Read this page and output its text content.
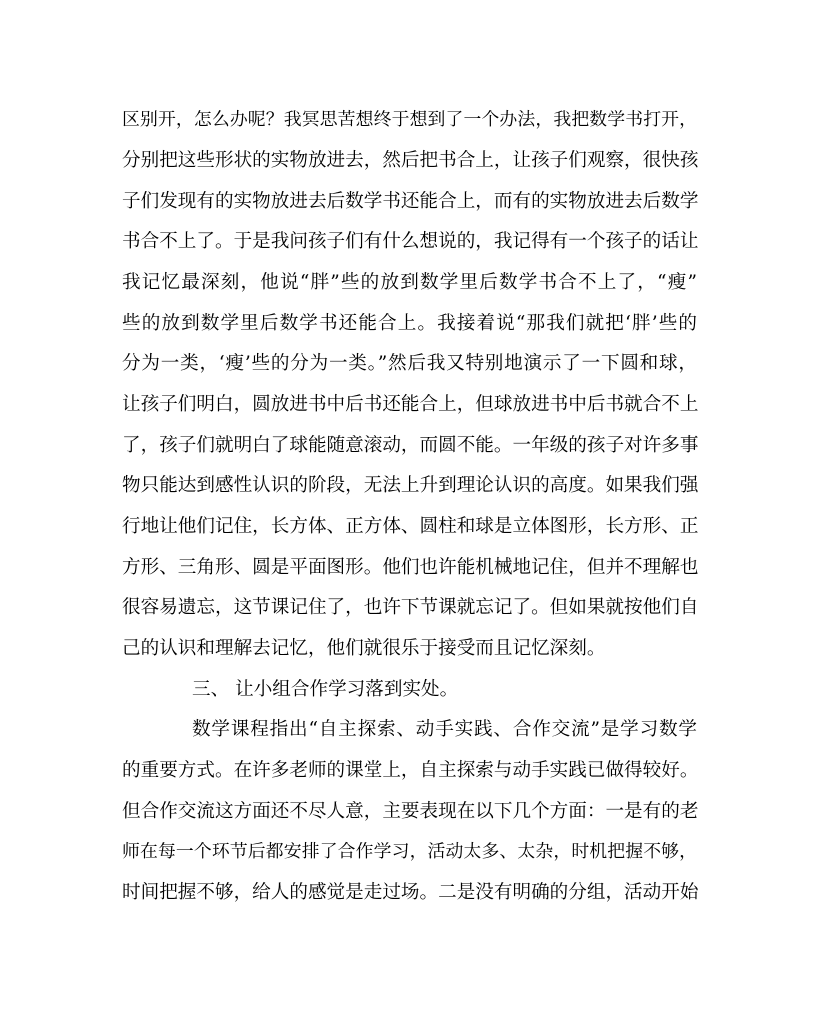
区别开，怎么办呢？我冥思苦想终于想到了一个办法，我把数学书打开，
分别把这些形状的实物放进去，然后把书合上，让孩子们观察，很快孩
子们发现有的实物放进去后数学书还能合上，而有的实物放进去后数学
书合不上了。于是我问孩子们有什么想说的，我记得有一个孩子的话让
我记忆最深刻，他说“胖”些的放到数学里后数学书合不上了，“瘦”
些的放到数学里后数学书还能合上。我接着说“那我们就把‘胖’些的
分为一类，‘瘦’些的分为一类。”然后我又特别地演示了一下圆和球，
让孩子们明白，圆放进书中后书还能合上，但球放进书中后书就合不上
了，孩子们就明白了球能随意滚动，而圆不能。一年级的孩子对许多事
物只能达到感性认识的阶段，无法上升到理论认识的高度。如果我们强
行地让他们记住，长方体、正方体、圆柱和球是立体图形，长方形、正
方形、三角形、圆是平面图形。他们也许能机械地记住，但并不理解也
很容易遗忘，这节课记住了，也许下节课就忘记了。但如果就按他们自
己的认识和理解去记忆，他们就很乐于接受而且记忆深刻。
三、 让小组合作学习落到实处。
数学课程指出“自主探索、动手实践、合作交流”是学习数学
的重要方式。在许多老师的课堂上，自主探索与动手实践已做得较好。
但合作交流这方面还不尽人意，主要表现在以下几个方面：一是有的老
师在每一个环节后都安排了合作学习，活动太多、太杂，时机把握不够，
时间把握不够，给人的感觉是走过场。二是没有明确的分组，活动开始
